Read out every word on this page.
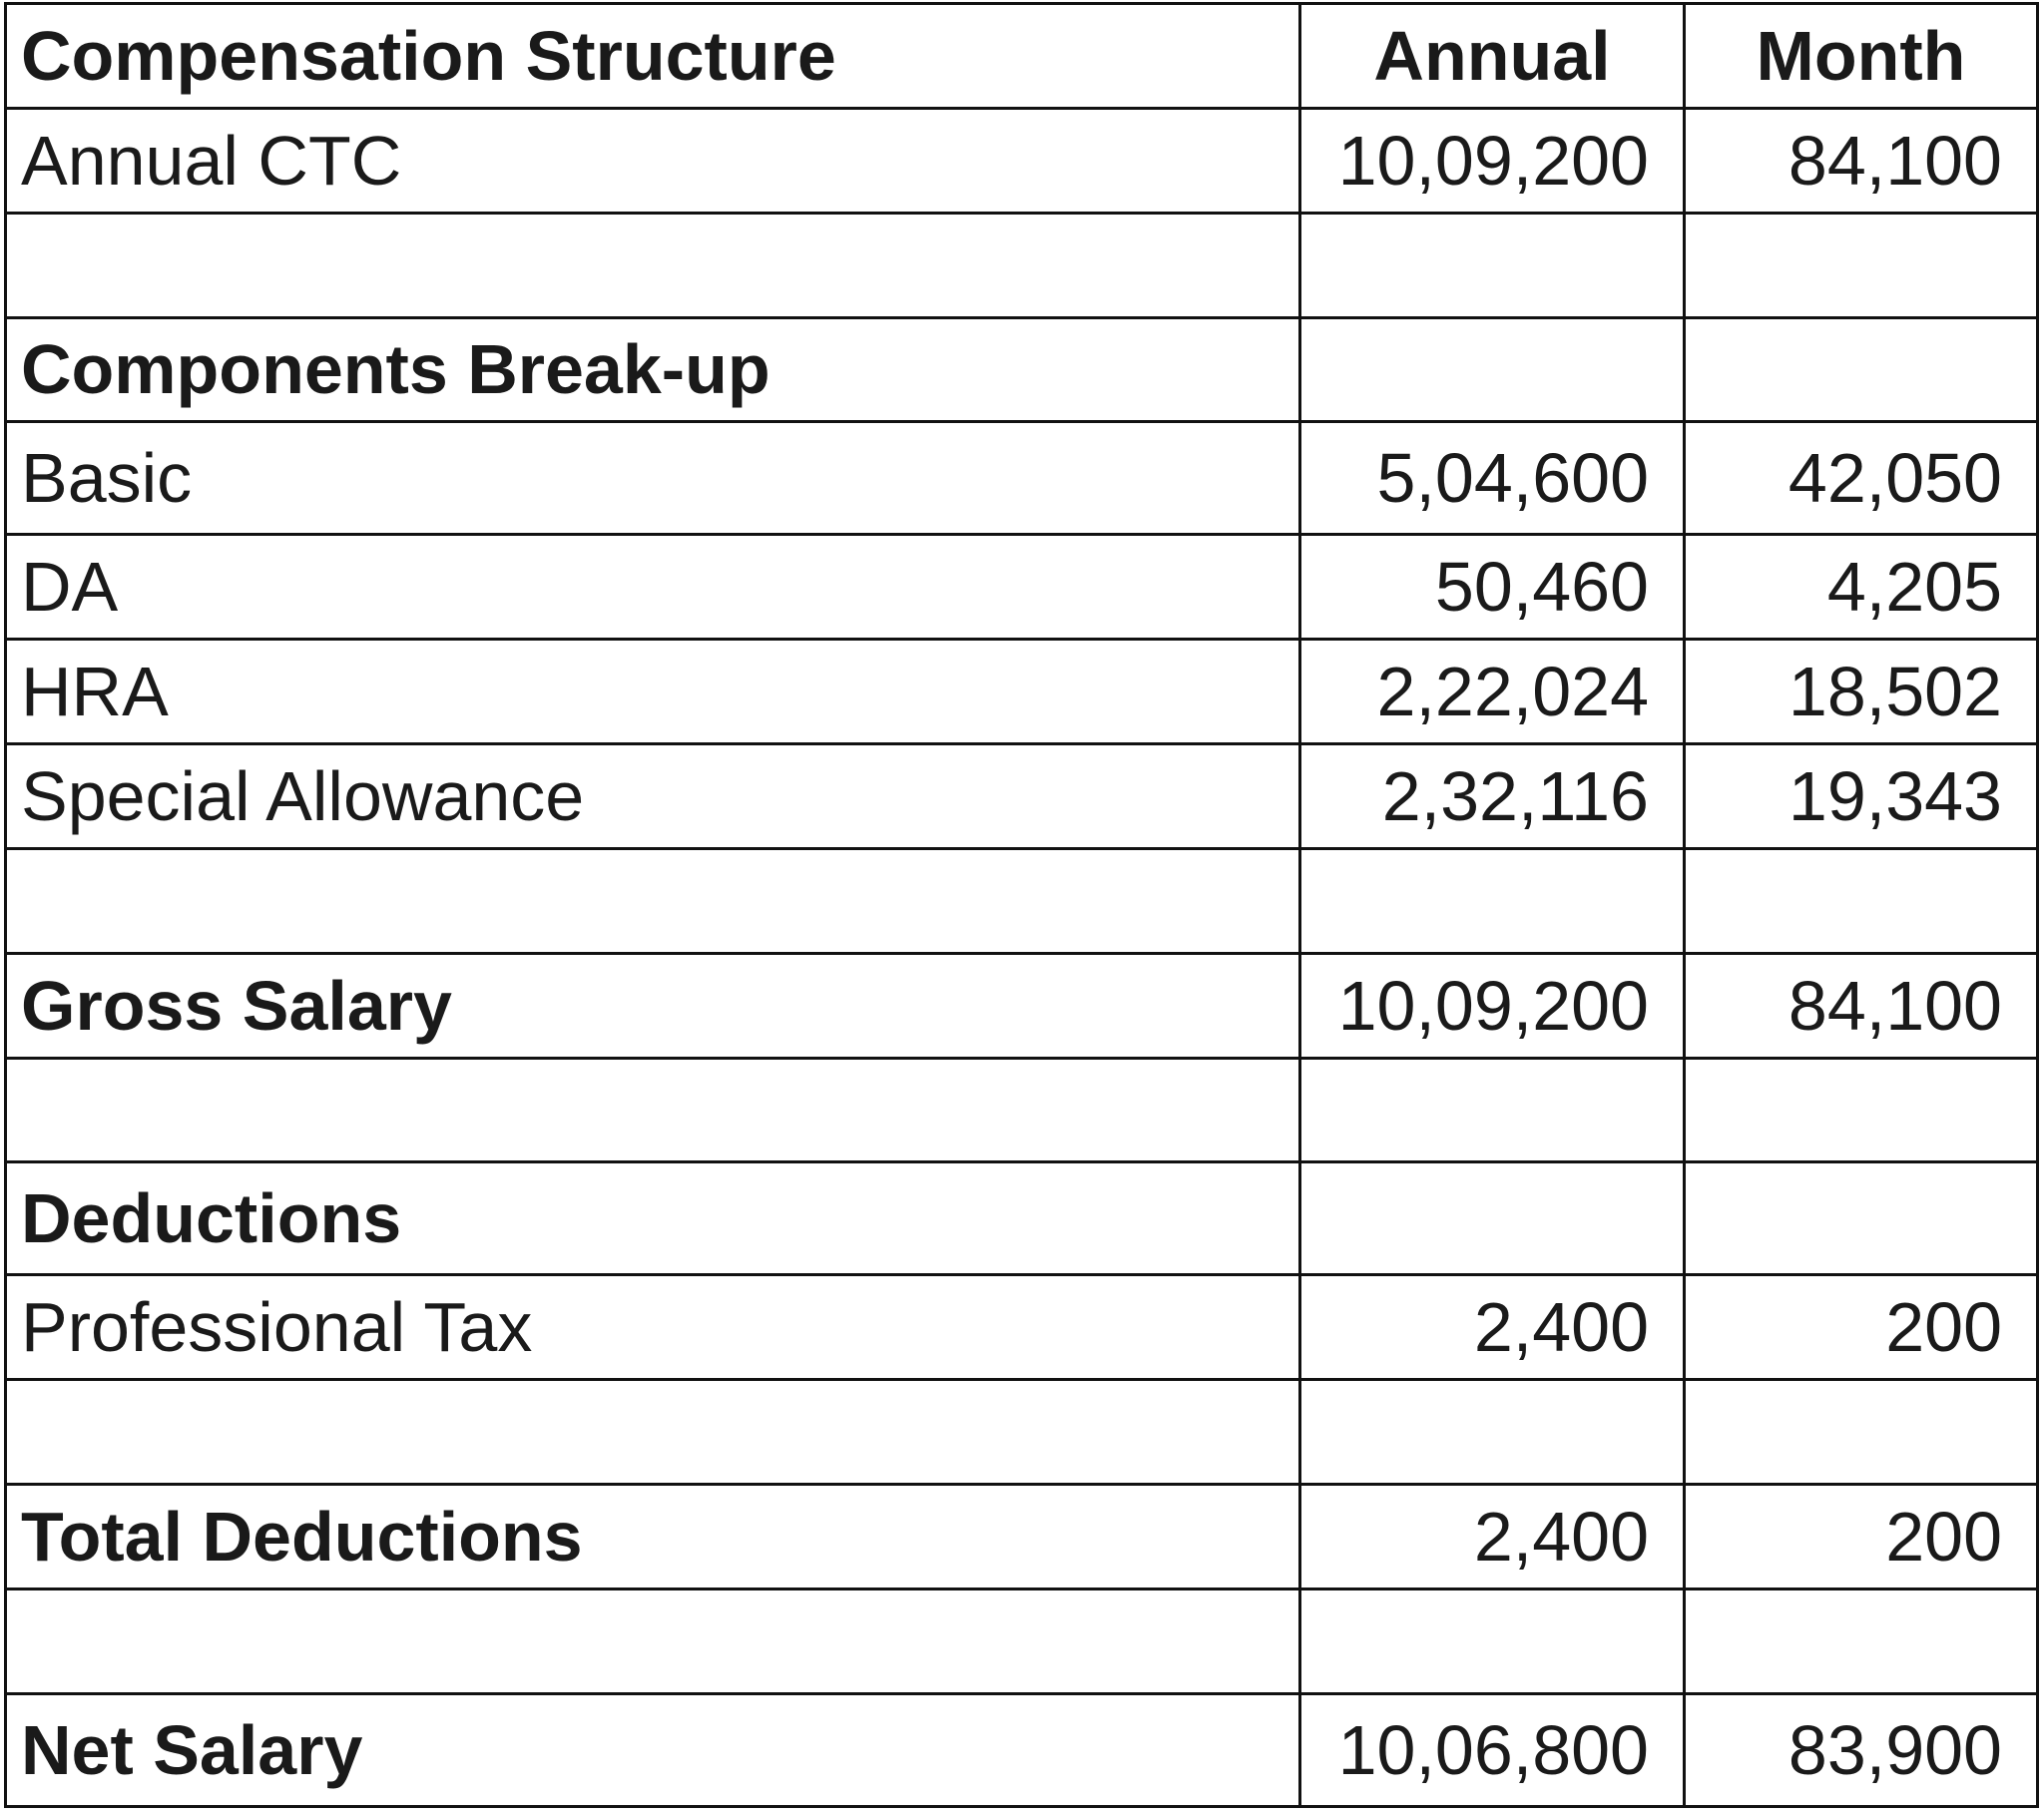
Compensation Structure	Annual	Month
Annual CTC	10,09,200	84,100

Components Break-up		
Basic	5,04,600	42,050
DA	50,460	4,205
HRA	2,22,024	18,502
Special Allowance	2,32,116	19,343

Gross Salary	10,09,200	84,100

Deductions		
Professional Tax	2,400	200

Total Deductions	2,400	200

Net Salary	10,06,800	83,900
